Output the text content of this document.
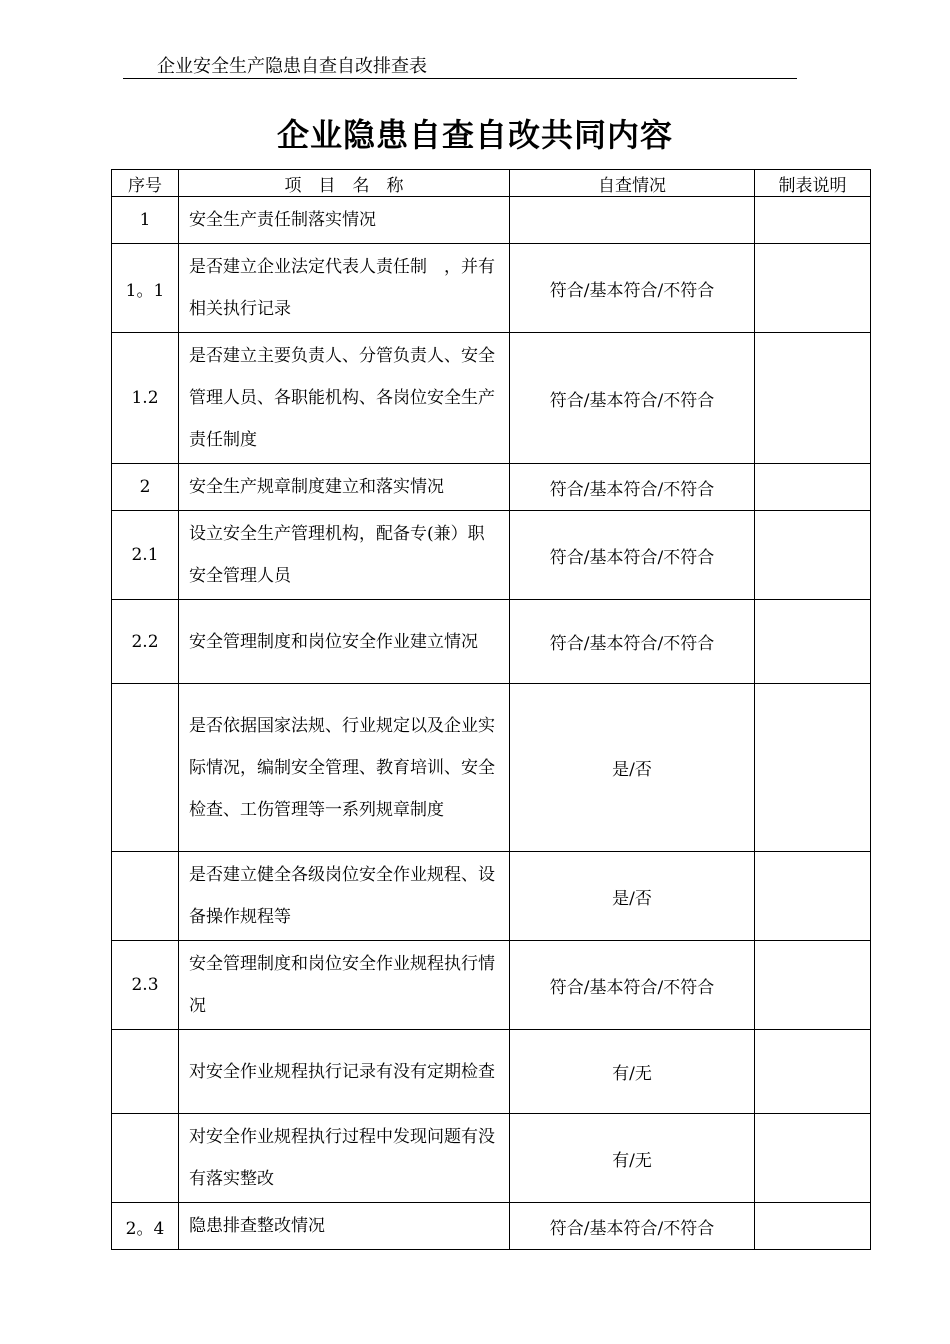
企业安全生产隐患自查自改排查表
企业隐患自查自改共同内容
序号	项　目　名　称	自查情况	制表说明
1	安全生产责任制落实情况		
1。1	是否建立企业法定代表人责任制　，并有相关执行记录	符合/基本符合/不符合	
1.2	是否建立主要负责人、分管负责人、安全管理人员、各职能机构、各岗位安全生产责任制度	符合/基本符合/不符合	
2	安全生产规章制度建立和落实情况	符合/基本符合/不符合	
2.1	设立安全生产管理机构，配备专(兼）职安全管理人员	符合/基本符合/不符合	
2.2	安全管理制度和岗位安全作业建立情况	符合/基本符合/不符合	
	是否依据国家法规、行业规定以及企业实际情况，编制安全管理、教育培训、安全检查、工伤管理等一系列规章制度	是/否	
	是否建立健全各级岗位安全作业规程、设备操作规程等	是/否	
2.3	安全管理制度和岗位安全作业规程执行情况	符合/基本符合/不符合	
	对安全作业规程执行记录有没有定期检查	有/无	
	对安全作业规程执行过程中发现问题有没有落实整改	有/无	
2。4	隐患排查整改情况	符合/基本符合/不符合	
